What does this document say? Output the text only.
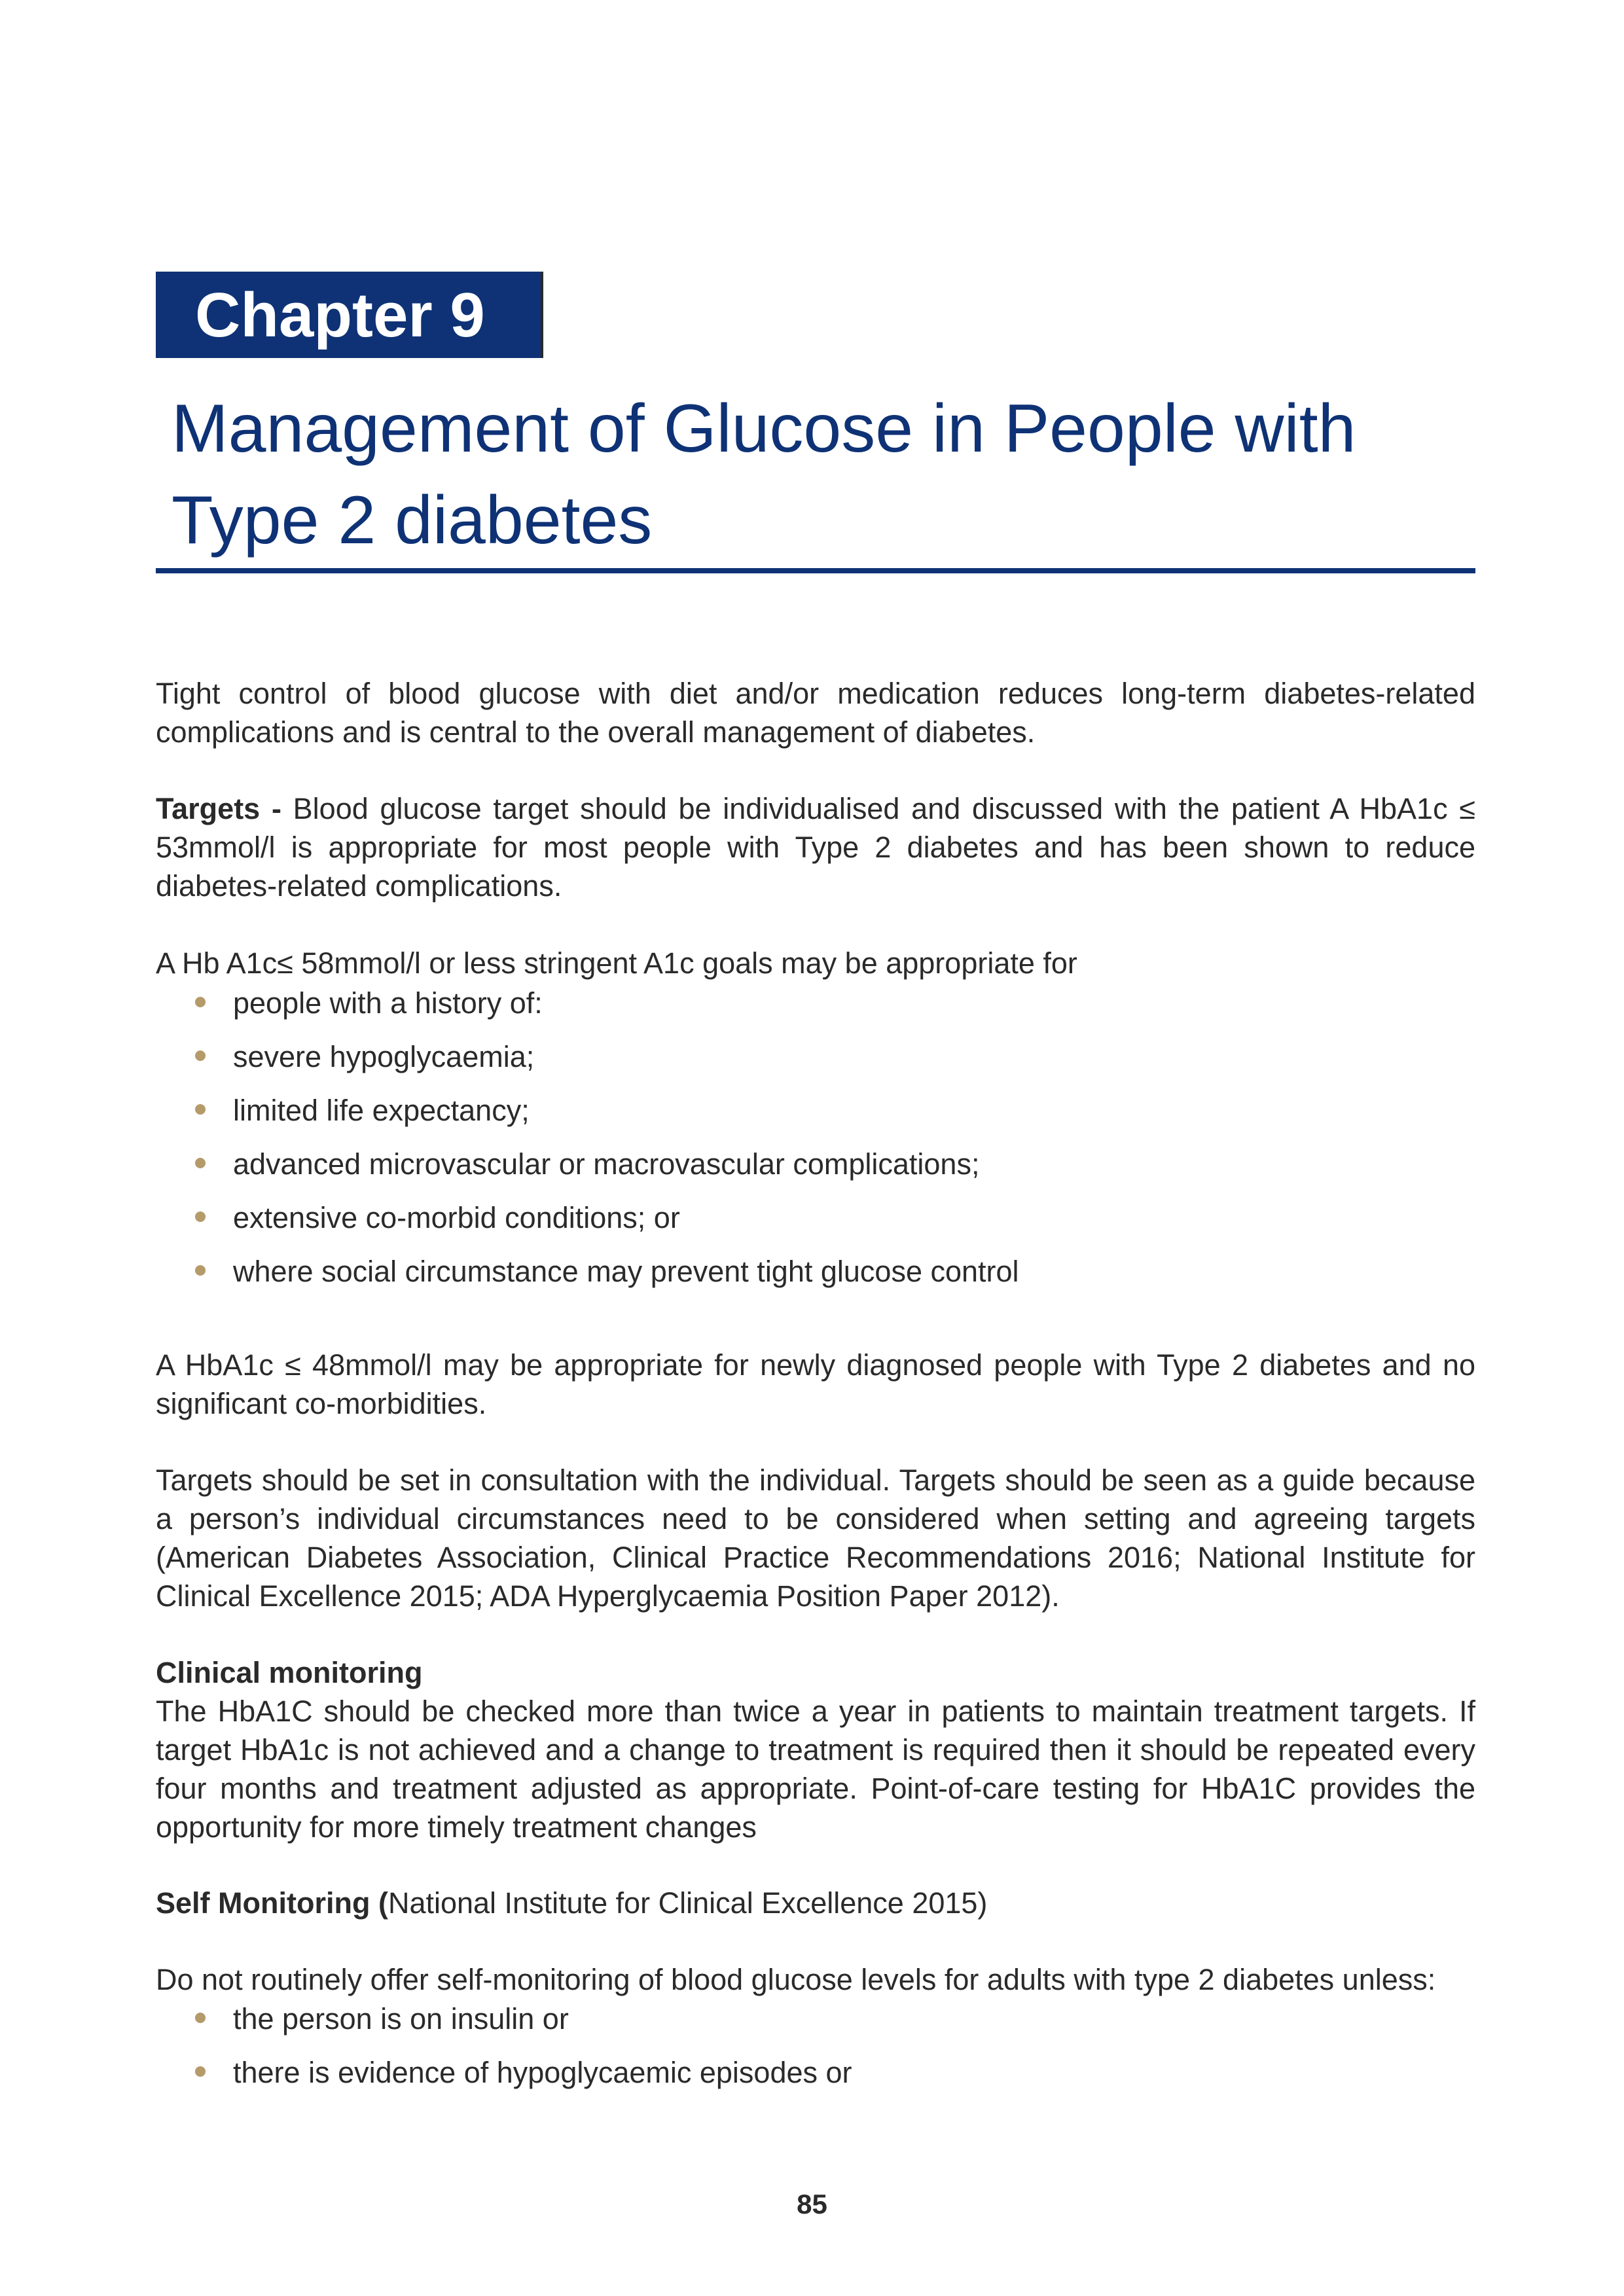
Chapter 9
Management of Glucose in People with
Type 2 diabetes

Tight control of blood glucose with diet and/or medication reduces long-term diabetes-related complications and is central to the overall management of diabetes.

Targets - Blood glucose target should be individualised and discussed with the patient A HbA1c ≤ 53mmol/l is appropriate for most people with Type 2 diabetes and has been shown to reduce diabetes-related complications.

A Hb A1c≤ 58mmol/l or less stringent A1c goals may be appropriate for

people with a history of:
severe hypoglycaemia;
limited life expectancy;
advanced microvascular or macrovascular complications;
extensive co-morbid conditions; or
where social circumstance may prevent tight glucose control

A HbA1c ≤ 48mmol/l may be appropriate for newly diagnosed people with Type 2 diabetes and no significant co-morbidities.

Targets should be set in consultation with the individual. Targets should be seen as a guide because a person’s individual circumstances need to be considered when setting and agreeing targets (American Diabetes Association, Clinical Practice Recommendations 2016; National Institute for Clinical Excellence 2015; ADA Hyperglycaemia Position Paper 2012).

Clinical monitoring

The HbA1C should be checked more than twice a year in patients to maintain treatment targets. If target HbA1c is not achieved and a change to treatment is required then it should be repeated every four months and treatment adjusted as appropriate. Point-of-care testing for HbA1C provides the opportunity for more timely treatment changes

Self Monitoring (National Institute for Clinical Excellence 2015)

Do not routinely offer self-monitoring of blood glucose levels for adults with type 2 diabetes unless:

the person is on insulin or
there is evidence of hypoglycaemic episodes or
85
